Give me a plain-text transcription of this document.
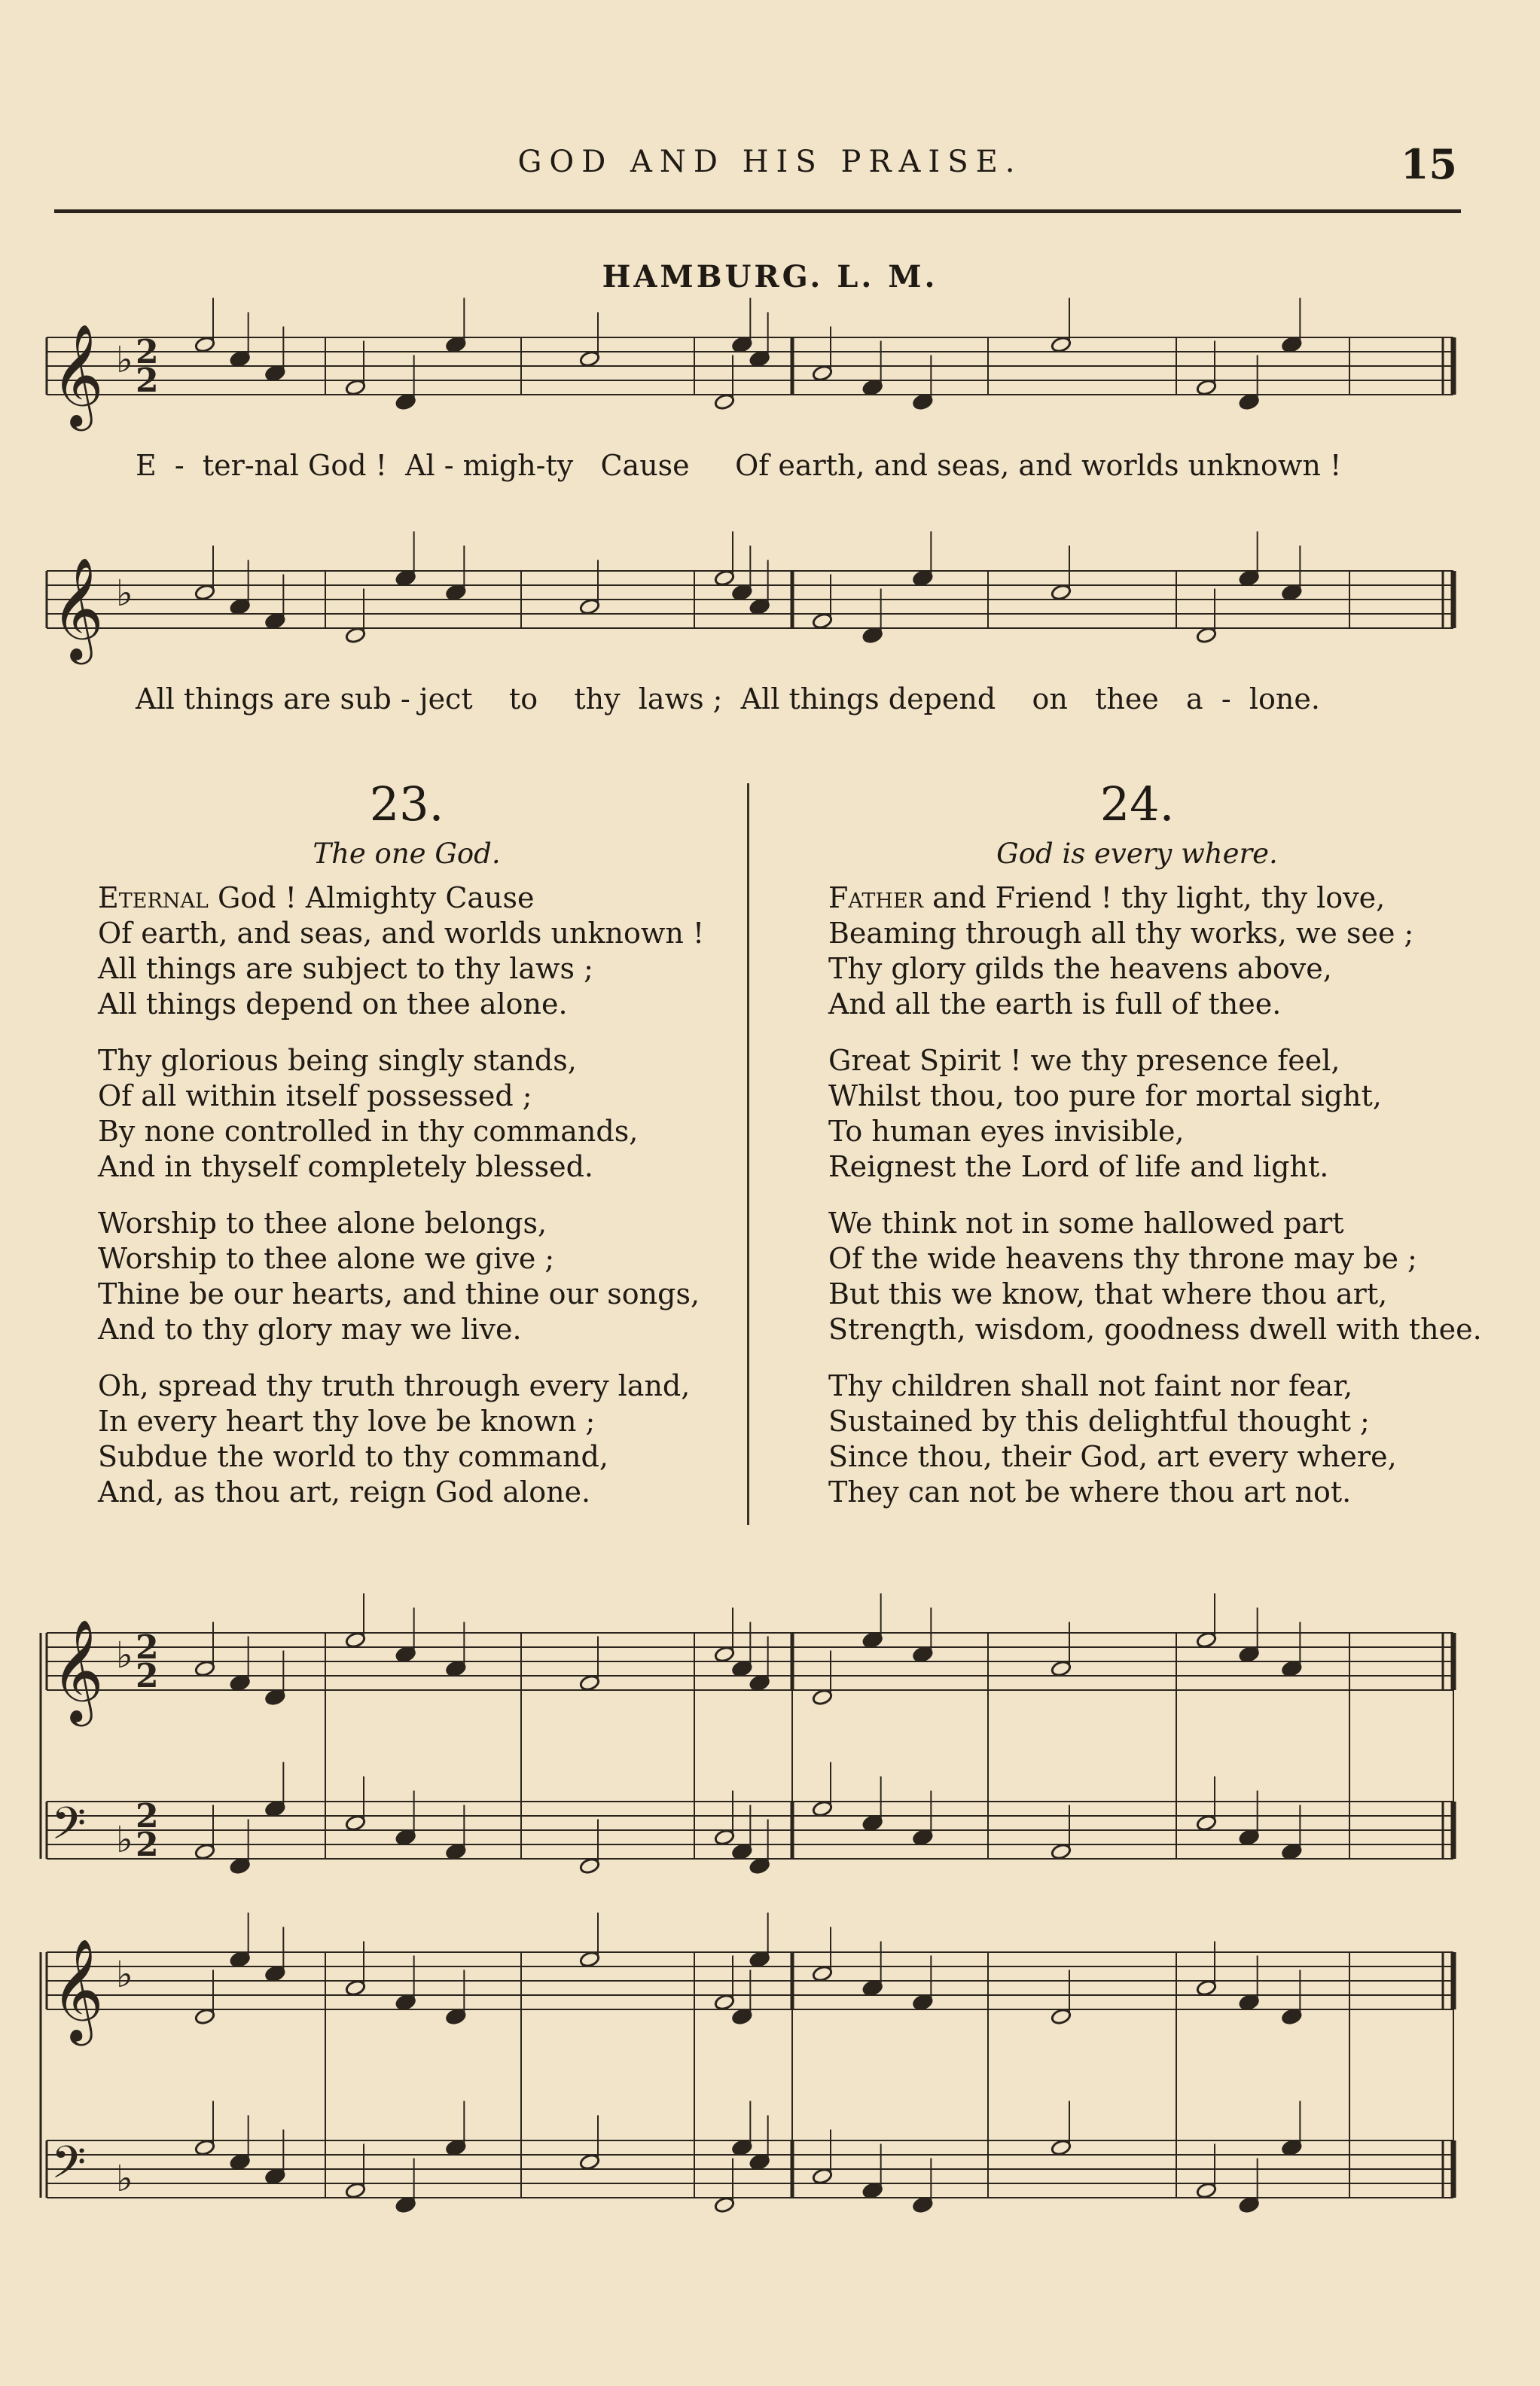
GOD AND HIS PRAISE.	15
HAMBURG. L. M.
𝄞 ♭ 2
2
𝄞 ♭
𝄞 ♭ 2
2
𝄢 ♭
2
2
𝄞 ♭
𝄢 ♭
E  -  ter-nal God !  Al - migh-ty   Cause     Of earth, and seas, and worlds unknown !
All things are sub - ject    to    thy  laws ;  All things depend    on   thee   a  -  lone.
23.
The one God.
Eternal God ! Almighty Cause
Of earth, and seas, and worlds unknown !
All things are subject to thy laws ;
All things depend on thee alone.
Thy glorious being singly stands,
Of all within itself possessed ;
By none controlled in thy commands,
And in thyself completely blessed.
Worship to thee alone belongs,
Worship to thee alone we give ;
Thine be our hearts, and thine our songs,
And to thy glory may we live.
Oh, spread thy truth through every land,
In every heart thy love be known ;
Subdue the world to thy command,
And, as thou art, reign God alone.
24.
God is every where.
Father and Friend ! thy light, thy love,
Beaming through all thy works, we see ;
Thy glory gilds the heavens above,
And all the earth is full of thee.
Great Spirit ! we thy presence feel,
Whilst thou, too pure for mortal sight,
To human eyes invisible,
Reignest the Lord of life and light.
We think not in some hallowed part
Of the wide heavens thy throne may be ;
But this we know, that where thou art,
Strength, wisdom, goodness dwell with thee.
Thy children shall not faint nor fear,
Sustained by this delightful thought ;
Since thou, their God, art every where,
They can not be where thou art not.
